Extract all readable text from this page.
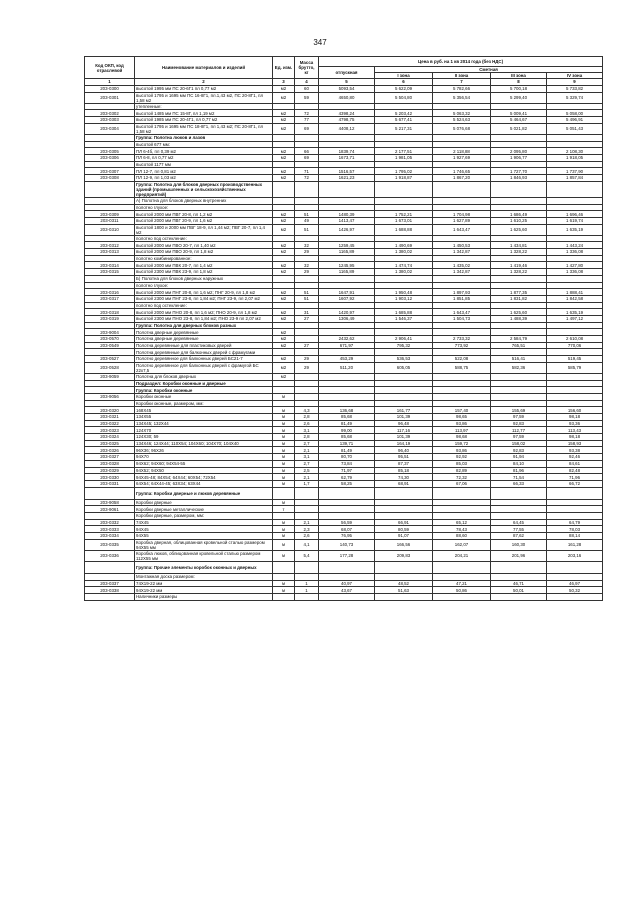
347
Код ОКП, код отраслевой	Наименование материалов и изделий	Ед. изм.	Масса брутто, кг	Цена в руб. на 1 кв 2014 года (без НДС)				
				отпускная	Сметная			
					I зона	II зона	III зона	IV зона
1	2	3	4	5	6	7	8	9
203-0300	высотой 1995 мм ПС 20-6Г1 пл 0,77 м2	м2	60	5093,54	5 622,09	5 782,66	5 700,18	5 733,82
203-0301	высотой 1795 и 1695 мм ПС 16-8Г1, пл.1,43 м2, ПС 20-8Г1, пл 1,58 м2	м2	59	4650,80	5 504,80	5 356,54	5 299,40	5 329,74
	утепленные:							
203-0302	высотой 1485 мм ПС 15-8Г, пл 1,19 м2	м2	72	4398,24	5 203,42	5 063,32	5 009,41	5 058,00
203-0303	высотой 1985 мм ПС 20-4Г1, пл 0,77 м2	м2	77	4798,75	5 677,41	5 524,63	5 464,67	5 496,91
203-0304	высотой 1795 и 1695 мм ПС 18-8Г1, пл 1,43 м2; ПС 20-8Г1, пл 1,58 м2	м2	69	4408,12	5 217,31	5 076,68	5 021,82	5 051,43
	Группа: Полотна люков и лазов							
	высотой 677 мм:							
203-0305	ПЛ 6-4б, пл 0,39 м2	м2	66	1839,74	2 177,51	2 118,88	2 095,80	2 108,30
203-0306	ПЛ 6-8, пл 0,77 м2	м2	69	1673,71	1 981,05	1 927,69	1 906,77	1 918,05
	высотой 1177 мм							
203-0307	ПЛ 12-7, пл 0,81 м2	м2	71	1516,57	1 795,02	1 746,65	1 727,70	1 737,90
203-0308	ПЛ 12-9, пл 1,03 м2	м2	72	1621,23	1 918,87	1 867,20	1 846,93	1 857,84
	Группа: Полотна для блоков дверных производственных зданий (промышленных и сельскохозяйственных предприятий)							
	А) Полотна для блоков дверных внутренних							
	полотно глухое:							
203-0309	высотой 2000 мм ПВГ 20-8, пл 1,2 м2	м2	51	1480,39	1 752,21	1 704,98	1 686,49	1 696,46
203-0311	высотой 2000 мм ПВГ 20-9, пл 1,6 м2	м2	49	1413,47	1 673,01	1 627,89	1 610,25	1 619,74
203-0310	высотой 1800 и 2000 мм ПВГ 18-9, пл 1,44 м2; ПВГ 20-7, пл 1,4 м2	м2	51	1426,97	1 688,88	1 643,47	1 625,60	1 635,19
	полотно под остекление:							
203-0312	высотой 2000 мм ПВО 20-7, пл 1,40 м2	м2	32	1259,45	1 490,69	1 450,53	1 434,81	1 443,24
203-0313	высотой 2000 мм ПВО 20-9, пл 1,8 м2	м2	29	1165,89	1 380,02	1 342,87	1 328,22	1 336,08
	полотно комбинированное:							
203-0314	высотой 2000 мм ПВК 20-7, пл 1,4 м2	м2	32	1245,95	1 474,74	1 435,02	1 419,46	1 427,80
203-0315	высотой 2300 мм ПВК 23-9, пл 1,8 м2	м2	29	1165,89	1 380,02	1 342,87	1 328,22	1 336,08
	Б) Полотна для блоков дверных наружных							
	полотно глухое:							
203-0316	высотой 2000 мм ПНГ 20-8, пл 1,6 м2; ПНГ 20-9, пл 1,8 м2	м2	51	1647,91	1 950,48	1 897,93	1 877,35	1 888,41
203-0317	высотой 2300 мм ПНГ 23-8, пл 1,84 м2; ПНГ 23-9, пл 2,07 м2	м2	51	1607,92	1 903,12	1 851,85	1 831,82	1 842,58
	полотно под остекление:							
203-0318	высотой 2000 мм ПНО 20-8, пл 1,6 м2; ПНО 20-9, пл 1,8 м2	м2	31	1420,97	1 685,88	1 643,47	1 625,60	1 635,19
203-0319	высотой 2300 мм ПНО 23-8, пл 1,84 м2; ПНО 23-9 пл 2,07 м2	м2	27	1306,49	1 546,37	1 504,73	1 488,39	1 497,12
	Группа: Полотна для дверных блоков разных							
203-9004	Полотна дверные деревянные	м2						
203-0570	Полотна дверные деревянные	м2		2432,62	2 906,41	2 733,32	2 584,79	2 610,08
203-0549	Полотна деревянные для пластиковых дверей	м2	27	671,97	795,32	773,92	765,51	770,06
	Полотна деревянные для балконных дверей с фрамугами							
203-0527	Полотно деревянное для балконных дверей БС21-7	м2	29	453,29	536,53	522,08	516,41	519,45
203-0528	Полотно деревянное для балконных дверей с фрамугой БС 22х7,5	м2	29	511,20	605,05	588,75	582,36	585,79
203-9059	Полотна для блоков дверных	м2						
	Подраздел: Коробки оконные и дверные							
	Группа: Коробки оконные							
203-9056	Коробки оконные	м						
	Коробки оконные, размером, мм:							
203-0320	168Х45	м	4,3	136,68	161,77	157,40	155,69	156,60
203-0321	134Х55	м	2,8	85,68	101,39	98,65	97,59	98,18
203-0322	134Х45; 132Х44	м	2,6	81,49	96,48	93,86	92,83	93,36
203-0323	124Х70	м	3,1	99,00	117,16	113,97	112,77	113,43
203-0324	124Х30; 59	м	2,8	85,68	101,39	98,68	97,59	98,18
203-0325	134Х46; 124Х44; 110Х54; 104Х60; 104Х70; 104Х40	м	2,7	139,71	164,19	159,72	158,02	158,93
203-0326	96Х36; 96Х26	м	2,1	81,49	96,40	93,86	92,83	93,38
203-0327	94Х70	м	3,1	80,70	95,51	92,92	91,94	92,46
203-0328	94Х62; 94Х60; 94Х54-55	м	2,7	73,84	87,37	85,03	84,10	84,61
203-0329	94Х52; 94Х50	м	2,5	71,97	85,18	82,89	81,96	82,48
203-0330	94Х45-48; 84Х54; 64Х44; 60Х54; 72Х54	м	2,1	62,79	74,30	72,32	71,54	71,96
203-0331	64Х54; 64Х44-45; 63Х34; 63Х44	м	1,7	58,25	68,91	67,06	66,33	66,72
	Группа: Коробки дверные и люков деревянные							
203-9058	Коробки дверные	м						
203-9061	Коробки дверные металлические	т						
	Коробки дверные, размером, мм:							
203-0332	74Х45	м	2,1	56,59	66,91	65,12	64,45	64,79
203-0333	94Х45	м	2,3	68,07	80,59	78,43	77,55	78,03
203-0334	94Х55	м	2,6	76,95	91,07	88,60	87,62	88,14
203-0335	Коробка дверная, облицованная кровельной сталью размером 94Х55 мм	м	4,1	140,73	166,56	162,07	160,30	161,28
203-0336	Коробка люков, облицованная кровельной сталью размером 112Х55 мм	м	5,4	177,28	209,83	204,21	201,96	203,16
	Группа: Прочие элементы коробок оконных и дверных							
	Монтажная доска размером:							
203-0337	74Х19-22 мм	м	1	40,97	48,52	47,21	46,71	46,97
203-0338	94Х19-22 мм	м	1	43,67	51,63	50,86	50,01	50,32
	Наличники размеры							
